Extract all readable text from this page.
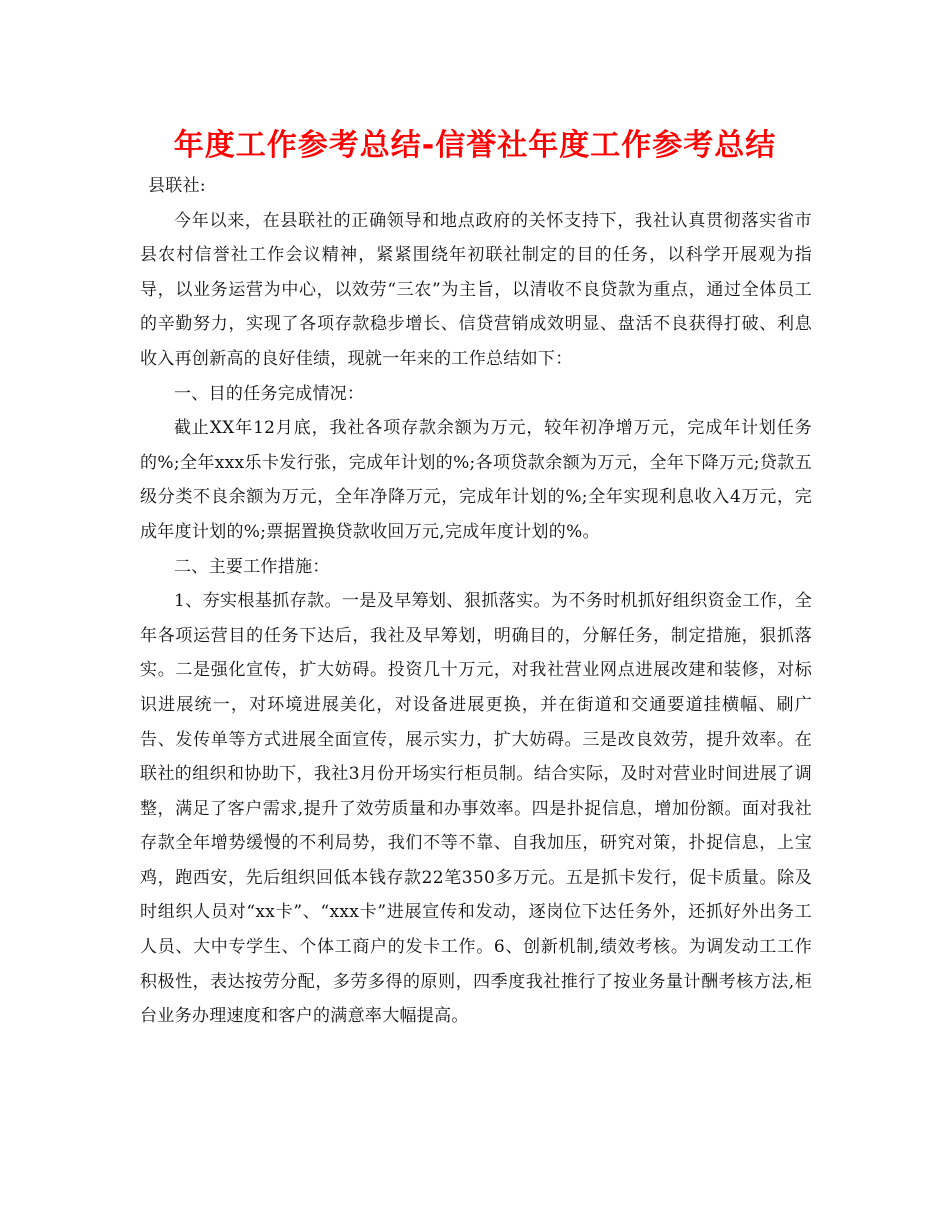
年度工作参考总结-信誉社年度工作参考总结

县联社:

今年以来，在县联社的正确领导和地点政府的关怀支持下，我社认真贯彻落实省市县农村信誉社工作会议精神，紧紧围绕年初联社制定的目的任务，以科学开展观为指导，以业务运营为中心，以效劳“三农”为主旨，以清收不良贷款为重点，通过全体员工的辛勤努力，实现了各项存款稳步增长、信贷营销成效明显、盘活不良获得打破、利息收入再创新高的良好佳绩，现就一年来的工作总结如下：

一、目的任务完成情况：

截止XX年12月底，我社各项存款余额为万元，较年初净增万元，完成年计划任务的%;全年xxx乐卡发行张，完成年计划的%;各项贷款余额为万元，全年下降万元;贷款五级分类不良余额为万元，全年净降万元，完成年计划的%;全年实现利息收入4万元，完成年度计划的%;票据置换贷款收回万元,完成年度计划的%。

二、主要工作措施：

1、夯实根基抓存款。一是及早筹划、狠抓落实。为不务时机抓好组织资金工作，全年各项运营目的任务下达后，我社及早筹划，明确目的，分解任务，制定措施，狠抓落实。二是强化宣传，扩大妨碍。投资几十万元，对我社营业网点进展改建和装修，对标识进展统一，对环境进展美化，对设备进展更换，并在街道和交通要道挂横幅、刷广告、发传单等方式进展全面宣传，展示实力，扩大妨碍。三是改良效劳，提升效率。在联社的组织和协助下，我社3月份开场实行柜员制。结合实际，及时对营业时间进展了调整，满足了客户需求,提升了效劳质量和办事效率。四是扑捉信息，增加份额。面对我社存款全年增势缓慢的不利局势，我们不等不靠、自我加压，研究对策，扑捉信息，上宝鸡，跑西安，先后组织回低本钱存款22笔350多万元。五是抓卡发行，促卡质量。除及时组织人员对“xx卡”、“xxx卡”进展宣传和发动，逐岗位下达任务外，还抓好外出务工人员、大中专学生、个体工商户的发卡工作。6、创新机制,绩效考核。为调发动工工作积极性，表达按劳分配，多劳多得的原则，四季度我社推行了按业务量计酬考核方法,柜台业务办理速度和客户的满意率大幅提高。
